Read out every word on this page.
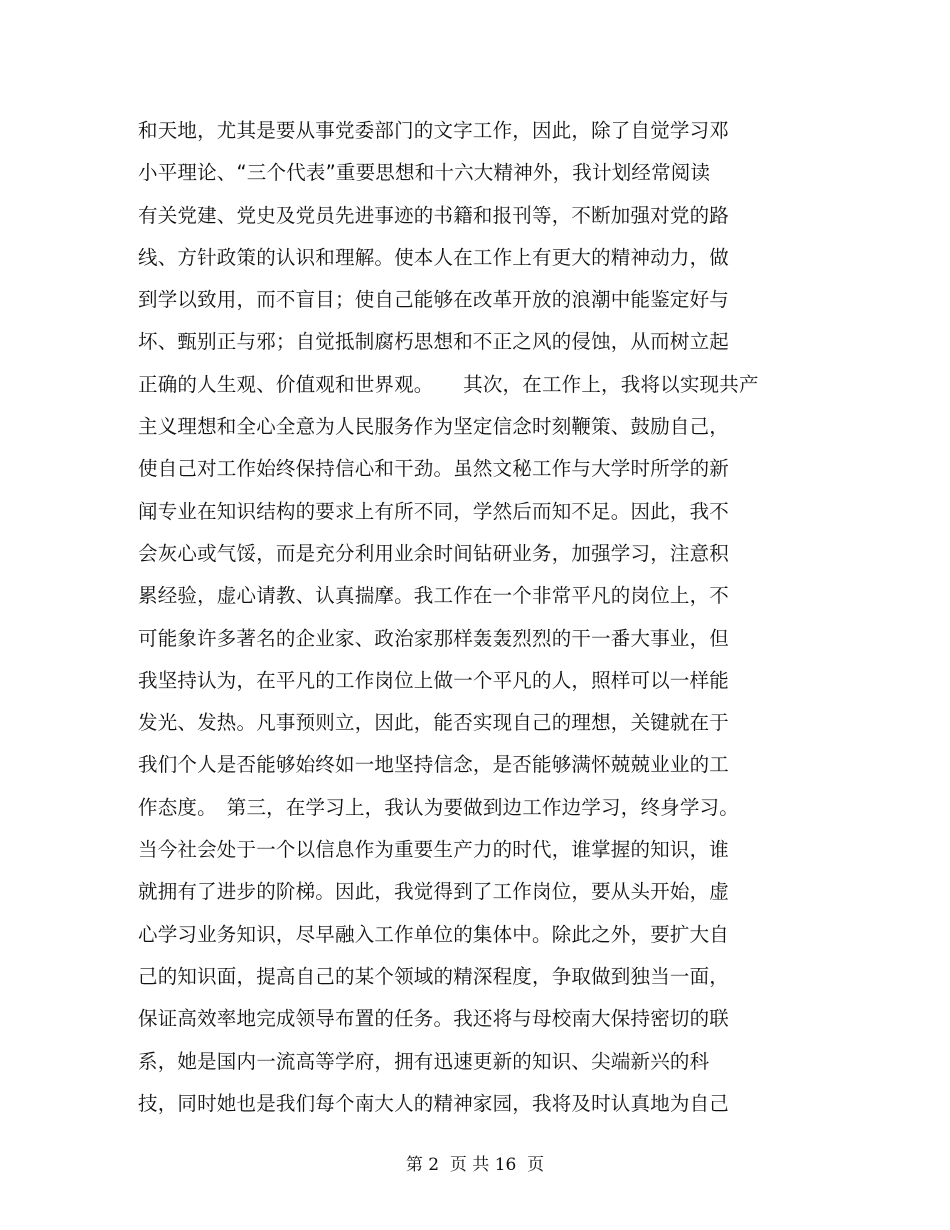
和天地，尤其是要从事党委部门的文字工作，因此，除了自觉学习邓
小平理论、“三个代表”重要思想和十六大精神外，我计划经常阅读
有关党建、党史及党员先进事迹的书籍和报刊等，不断加强对党的路
线、方针政策的认识和理解。使本人在工作上有更大的精神动力，做
到学以致用，而不盲目；使自己能够在改革开放的浪潮中能鉴定好与
坏、甄别正与邪；自觉抵制腐朽思想和不正之风的侵蚀，从而树立起
正确的人生观、价值观和世界观。　　其次，在工作上，我将以实现共产
主义理想和全心全意为人民服务作为坚定信念时刻鞭策、鼓励自己，
使自己对工作始终保持信心和干劲。虽然文秘工作与大学时所学的新
闻专业在知识结构的要求上有所不同，学然后而知不足。因此，我不
会灰心或气馁，而是充分利用业余时间钻研业务，加强学习，注意积
累经验，虚心请教、认真揣摩。我工作在一个非常平凡的岗位上，不
可能象许多著名的企业家、政治家那样轰轰烈烈的干一番大事业，但
我坚持认为，在平凡的工作岗位上做一个平凡的人，照样可以一样能
发光、发热。凡事预则立，因此，能否实现自己的理想，关键就在于
我们个人是否能够始终如一地坚持信念，是否能够满怀兢兢业业的工
作态度。　第三，在学习上，我认为要做到边工作边学习，终身学习。
当今社会处于一个以信息作为重要生产力的时代，谁掌握的知识，谁
就拥有了进步的阶梯。因此，我觉得到了工作岗位，要从头开始，虚
心学习业务知识，尽早融入工作单位的集体中。除此之外，要扩大自
己的知识面，提高自己的某个领域的精深程度，争取做到独当一面，
保证高效率地完成领导布置的任务。我还将与母校南大保持密切的联
系，她是国内一流高等学府，拥有迅速更新的知识、尖端新兴的科
技，同时她也是我们每个南大人的精神家园，我将及时认真地为自己
第 2  页 共 16  页
